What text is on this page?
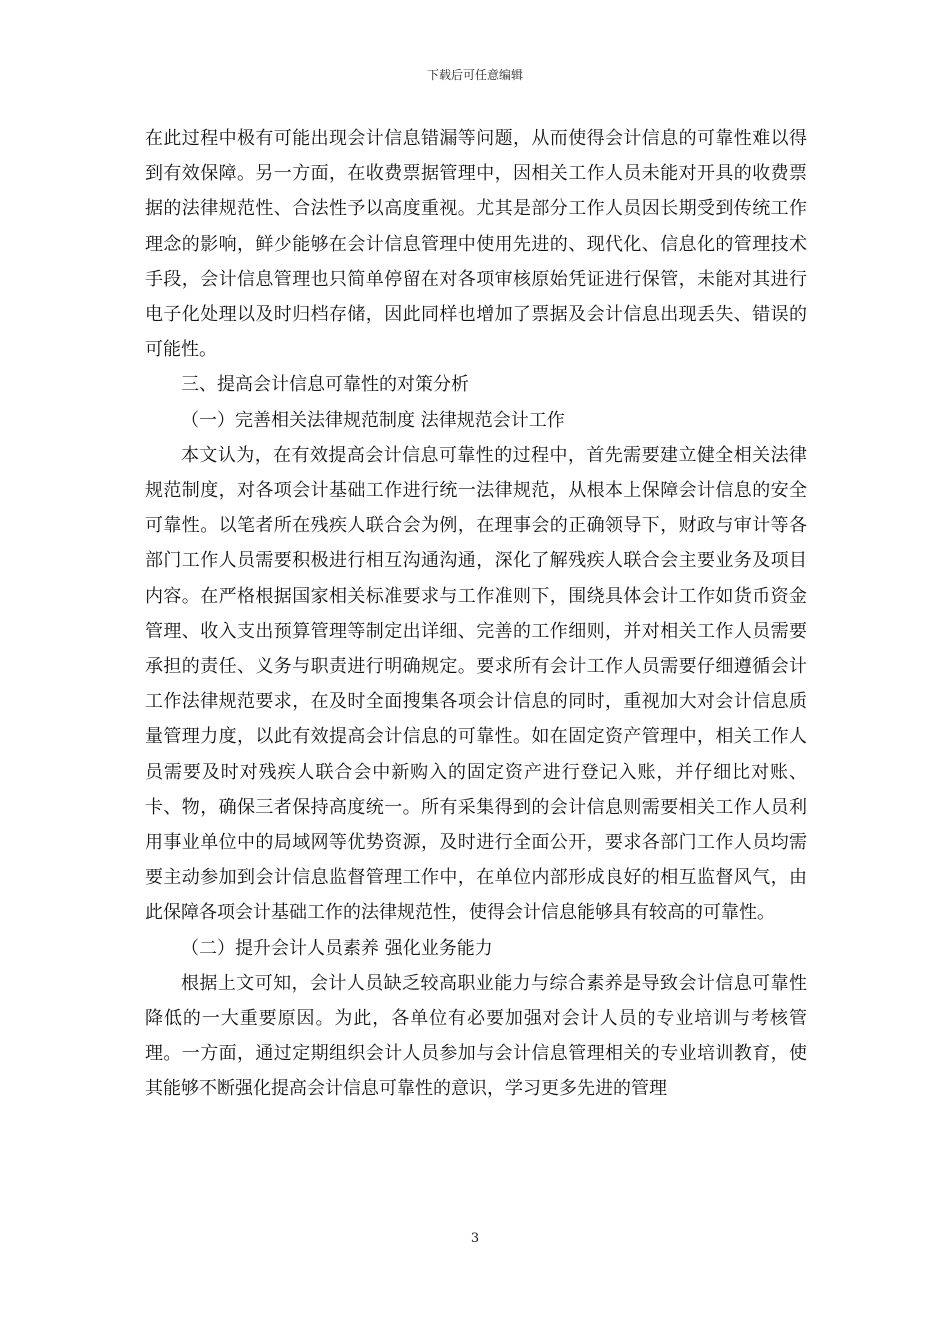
下载后可任意编辑

在此过程中极有可能出现会计信息错漏等问题，从而使得会计信息的可靠性难以得到有效保障。另一方面，在收费票据管理中，因相关工作人员未能对开具的收费票据的法律规范性、合法性予以高度重视。尤其是部分工作人员因长期受到传统工作理念的影响，鲜少能够在会计信息管理中使用先进的、现代化、信息化的管理技术手段，会计信息管理也只简单停留在对各项审核原始凭证进行保管，未能对其进行电子化处理以及时归档存储，因此同样也增加了票据及会计信息出现丢失、错误的可能性。

三、提高会计信息可靠性的对策分析

（一）完善相关法律规范制度 法律规范会计工作

本文认为，在有效提高会计信息可靠性的过程中，首先需要建立健全相关法律规范制度，对各项会计基础工作进行统一法律规范，从根本上保障会计信息的安全可靠性。以笔者所在残疾人联合会为例，在理事会的正确领导下，财政与审计等各部门工作人员需要积极进行相互沟通沟通，深化了解残疾人联合会主要业务及项目内容。在严格根据国家相关标准要求与工作准则下，围绕具体会计工作如货币资金管理、收入支出预算管理等制定出详细、完善的工作细则，并对相关工作人员需要承担的责任、义务与职责进行明确规定。要求所有会计工作人员需要仔细遵循会计工作法律规范要求，在及时全面搜集各项会计信息的同时，重视加大对会计信息质量管理力度，以此有效提高会计信息的可靠性。如在固定资产管理中，相关工作人员需要及时对残疾人联合会中新购入的固定资产进行登记入账，并仔细比对账、卡、物，确保三者保持高度统一。所有采集得到的会计信息则需要相关工作人员利用事业单位中的局域网等优势资源，及时进行全面公开，要求各部门工作人员均需要主动参加到会计信息监督管理工作中，在单位内部形成良好的相互监督风气，由此保障各项会计基础工作的法律规范性，使得会计信息能够具有较高的可靠性。

（二）提升会计人员素养 强化业务能力

根据上文可知，会计人员缺乏较高职业能力与综合素养是导致会计信息可靠性降低的一大重要原因。为此，各单位有必要加强对会计人员的专业培训与考核管理。一方面，通过定期组织会计人员参加与会计信息管理相关的专业培训教育，使其能够不断强化提高会计信息可靠性的意识，学习更多先进的管理

3
